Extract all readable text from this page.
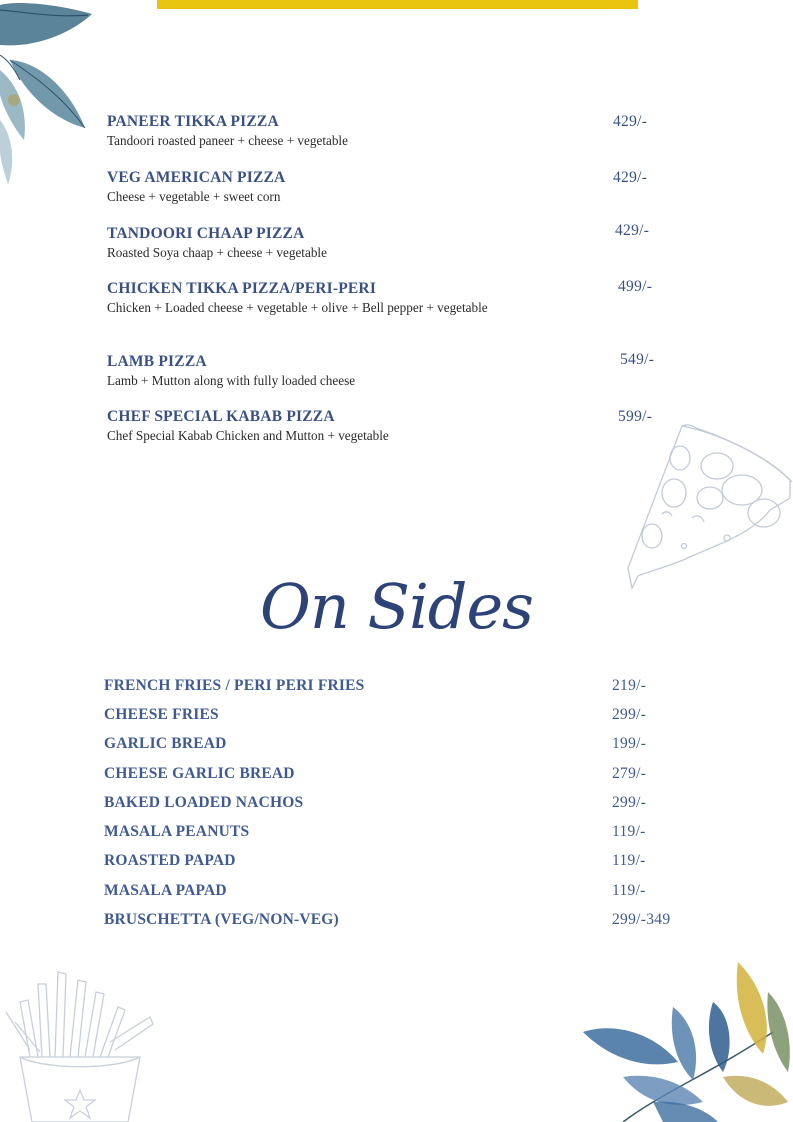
PANEER TIKKA PIZZA
Tandoori roasted paneer + cheese + vegetable
429/-
VEG AMERICAN PIZZA
Cheese + vegetable + sweet corn
429/-
TANDOORI CHAAP PIZZA
Roasted Soya chaap + cheese + vegetable
429/-
CHICKEN TIKKA PIZZA/PERI-PERI
Chicken + Loaded cheese + vegetable + olive + Bell pepper + vegetable
499/-
LAMB PIZZA
Lamb + Mutton along with fully loaded cheese
549/-
CHEF SPECIAL KABAB PIZZA
Chef Special Kabab Chicken and Mutton + vegetable
599/-
On Sides
FRENCH FRIES / PERI PERI FRIES	219/-
CHEESE FRIES	299/-
GARLIC BREAD	199/-
CHEESE GARLIC BREAD	279/-
BAKED LOADED NACHOS	299/-
MASALA PEANUTS	119/-
ROASTED PAPAD	119/-
MASALA PAPAD	119/-
BRUSCHETTA (VEG/NON-VEG)	299/-349
